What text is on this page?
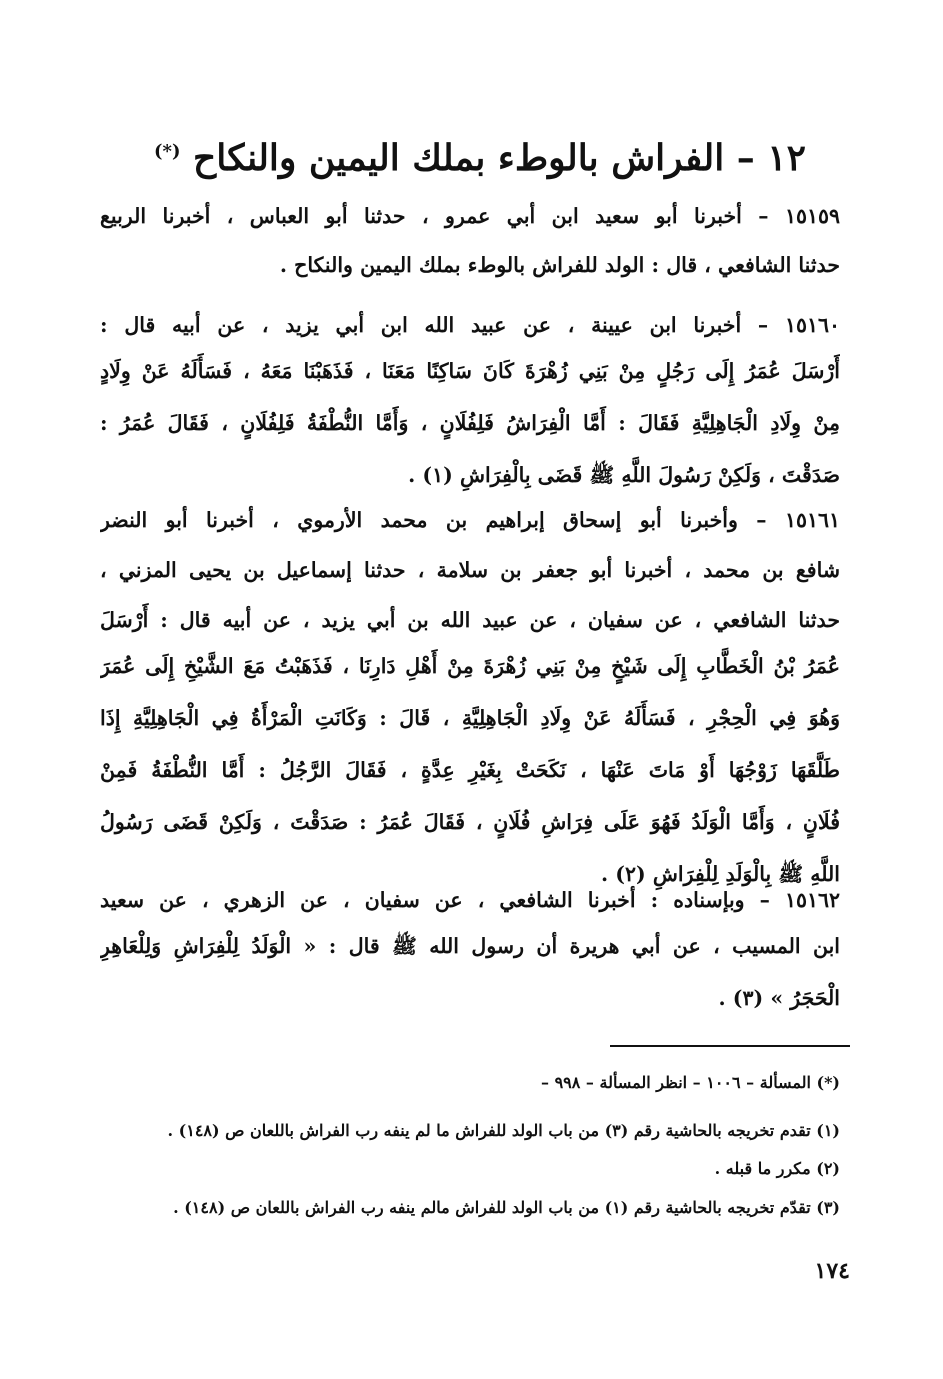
١٢ – الفراش بالوطء بملك اليمين والنكاح (*)
١٥١٥٩ – أخبرنا أبو سعيد ابن أبي عمرو ، حدثنا أبو العباس ، أخبرنا الربيع
حدثنا الشافعي ، قال : الولد للفراش بالوطء بملك اليمين والنكاح .
١٥١٦٠ – أخبرنا ابن عيينة ، عن عبيد الله ابن أبي يزيد ، عن أبيه قال :
أَرْسَلَ عُمَرُ إِلَى رَجُلٍ مِنْ بَنِي زُهْرَةَ كَانَ سَاكِنًا مَعَنَا ، فَذَهَبْنَا مَعَهُ ، فَسَأَلَهُ عَنْ وِلَادٍ
مِنْ وِلَادِ الْجَاهِلِيَّةِ فَقَالَ : أَمَّا الْفِرَاشُ فَلِفُلَانٍ ، وَأَمَّا النُّطْفَةُ فَلِفُلَانٍ ، فَقَالَ عُمَرُ :
صَدَقْتَ ، وَلَكِنْ رَسُولَ اللَّهِ ﷺ قَضَى بِالْفِرَاشِ (١) .
١٥١٦١ – وأخبرنا أبو إسحاق إبراهيم بن محمد الأرموي ، أخبرنا أبو النضر
شافع بن محمد ، أخبرنا أبو جعفر بن سلامة ، حدثنا إسماعيل بن يحيى المزني ،
حدثنا الشافعي ، عن سفيان ، عن عبيد الله بن أبي يزيد ، عن أبيه قال : أَرْسَلَ
عُمَرُ بْنُ الْخَطَّابِ إِلَى شَيْخٍ مِنْ بَنِي زُهْرَةَ مِنْ أَهْلِ دَارِنَا ، فَذَهَبْتُ مَعَ الشَّيْخِ إِلَى عُمَرَ
وَهُوَ فِي الْحِجْرِ ، فَسَأَلَهُ عَنْ وِلَادِ الْجَاهِلِيَّةِ ، قَالَ : وَكَانَتِ الْمَرْأَةُ فِي الْجَاهِلِيَّةِ إِذَا
طَلَّقَهَا زَوْجُهَا أَوْ مَاتَ عَنْهَا ، نَكَحَتْ بِغَيْرِ عِدَّةٍ ، فَقَالَ الرَّجُلُ : أَمَّا النُّطْفَةُ فَمِنْ
فُلَانٍ ، وَأَمَّا الْوَلَدُ فَهُوَ عَلَى فِرَاشِ فُلَانٍ ، فَقَالَ عُمَرُ : صَدَقْتَ ، وَلَكِنْ قَضَى رَسُولُ
اللَّهِ ﷺ بِالْوَلَدِ لِلْفِرَاشِ (٢) .
١٥١٦٢ – وبإسناده : أخبرنا الشافعي ، عن سفيان ، عن الزهري ، عن سعيد
ابن المسيب ، عن أبي هريرة أن رسول الله ﷺ قال : « الْوَلَدُ لِلْفِرَاشِ وَلِلْعَاهِرِ
الْحَجَرُ » (٣) .
(*) المسألة – ١٠٠٦ – انظر المسألة – ٩٩٨ –
(١) تقدم تخريجه بالحاشية رقم (٣) من باب الولد للفراش ما لم ينفه رب الفراش باللعان ص (١٤٨) .
(٢) مكرر ما قبله .
(٣) تقدّم تخريجه بالحاشية رقم (١) من باب الولد للفراش مالم ينفه رب الفراش باللعان ص (١٤٨) .
١٧٤
